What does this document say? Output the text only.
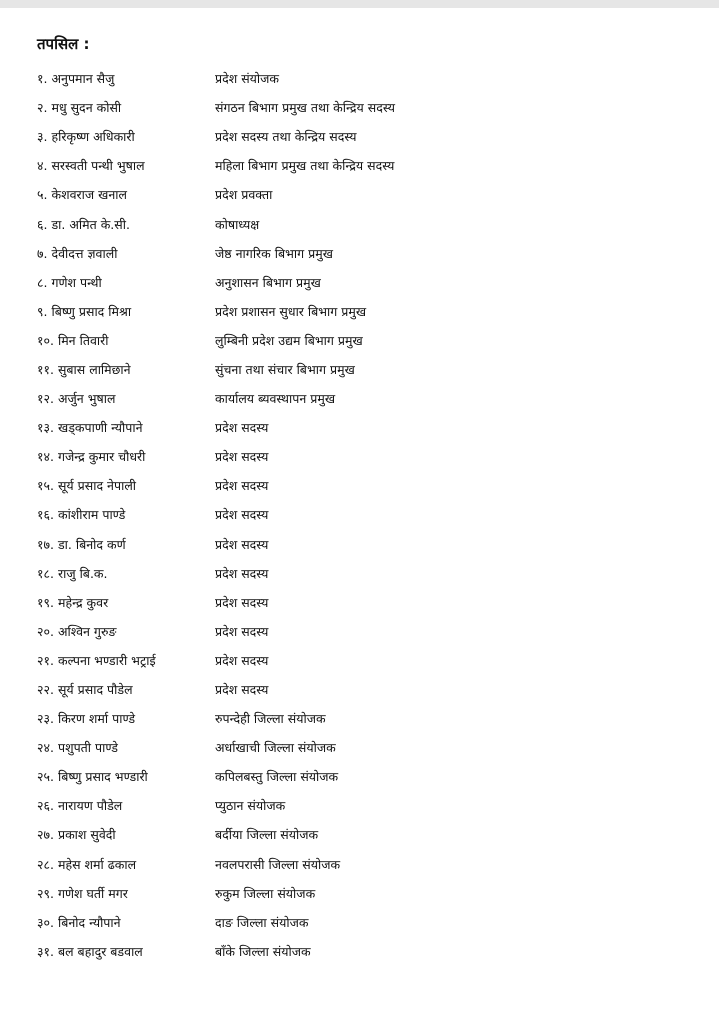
तपसिल :
१. अनुपमान सैजु	प्रदेश संयोजक
२. मधु सुदन कोसी	संगठन बिभाग प्रमुख तथा केन्द्रिय सदस्य
३. हरिकृष्ण अधिकारी	प्रदेश सदस्य तथा केन्द्रिय सदस्य
४. सरस्वती पन्थी भुषाल	महिला बिभाग प्रमुख तथा केन्द्रिय सदस्य
५. केशवराज खनाल	प्रदेश प्रवक्ता
६. डा. अमित के.सी.	कोषाध्यक्ष
७. देवीदत्त ज्ञवाली	जेष्ठ नागरिक बिभाग प्रमुख
८. गणेश पन्थी	अनुशासन बिभाग प्रमुख
९. बिष्णु प्रसाद मिश्रा	प्रदेश प्रशासन सुधार बिभाग प्रमुख
१०. मिन तिवारी	लुम्बिनी प्रदेश उद्यम बिभाग प्रमुख
११. सुबास लामिछाने	सुंचना तथा संचार बिभाग प्रमुख
१२. अर्जुन भुषाल	कार्यालय ब्यवस्थापन प्रमुख
१३. खड्कपाणी न्यौपाने	प्रदेश सदस्य
१४. गजेन्द्र कुमार चौधरी	प्रदेश सदस्य
१५. सूर्य प्रसाद नेपाली	प्रदेश सदस्य
१६. कांशीराम पाण्डे	प्रदेश सदस्य
१७. डा. बिनोद कर्ण	प्रदेश सदस्य
१८. राजु बि.क.	प्रदेश सदस्य
१९. महेन्द्र कुवर	प्रदेश सदस्य
२०. अश्विन गुरुङ	प्रदेश सदस्य
२१. कल्पना भण्डारी भट्राई	प्रदेश सदस्य
२२. सूर्य प्रसाद पौडेल	प्रदेश सदस्य
२३. किरण शर्मा पाण्डे	रुपन्देही जिल्ला संयोजक
२४. पशुपती पाण्डे	अर्धाखाची जिल्ला संयोजक
२५. बिष्णु प्रसाद भण्डारी	कपिलबस्तु जिल्ला संयोजक
२६. नारायण पौडेल	प्युठान संयोजक
२७. प्रकाश सुवेदी	बर्दीया जिल्ला संयोजक
२८. महेस शर्मा ढकाल	नवलपरासी जिल्ला संयोजक
२९. गणेश घर्ती मगर	रुकुम जिल्ला संयोजक
३०. बिनोद न्यौपाने	दाङ जिल्ला संयोजक
३१. बल बहादुर बडवाल	बाँके जिल्ला संयोजक
